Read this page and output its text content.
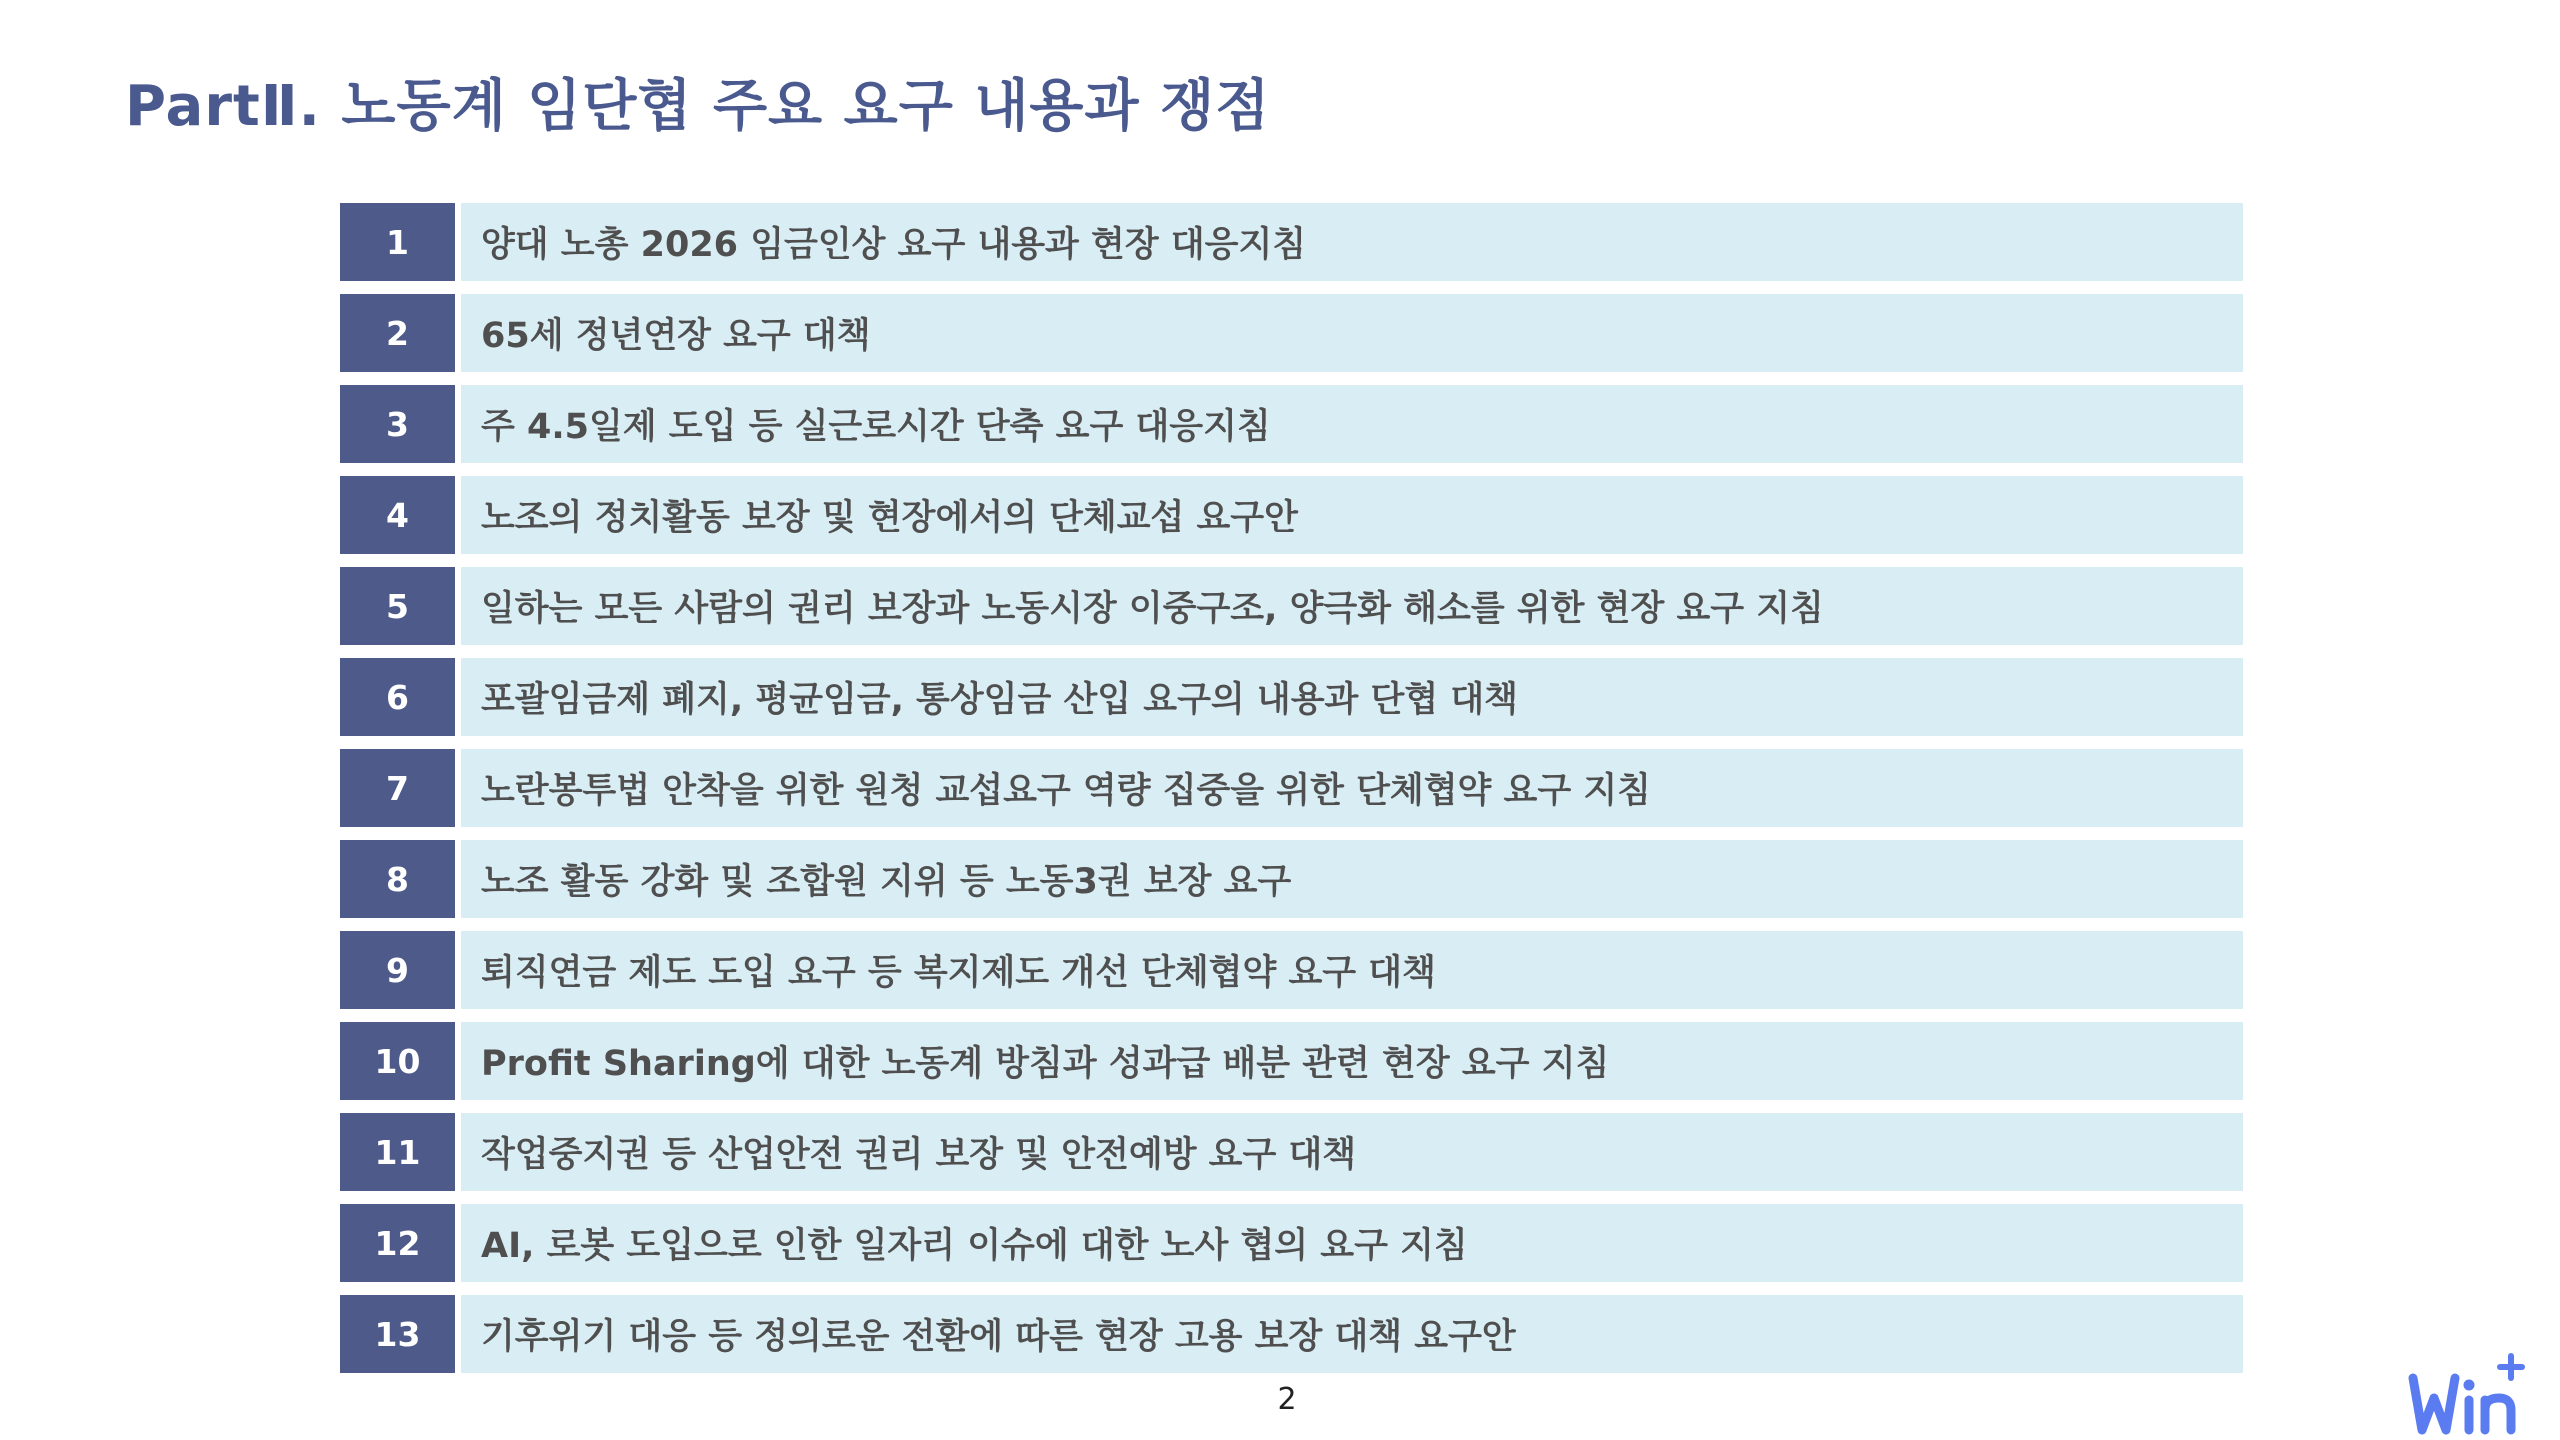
PartⅡ. 노동계 임단협 주요 요구 내용과 쟁점
1	양대 노총 2026 임금인상 요구 내용과 현장 대응지침
2	65세 정년연장 요구 대책
3	주 4.5일제 도입 등 실근로시간 단축 요구 대응지침
4	노조의 정치활동 보장 및 현장에서의 단체교섭 요구안
5	일하는 모든 사람의 권리 보장과 노동시장 이중구조, 양극화 해소를 위한 현장 요구 지침
6	포괄임금제 폐지, 평균임금, 통상임금 산입 요구의 내용과 단협 대책
7	노란봉투법 안착을 위한 원청 교섭요구 역량 집중을 위한 단체협약 요구 지침
8	노조 활동 강화 및 조합원 지위 등 노동3권 보장 요구
9	퇴직연금 제도 도입 요구 등 복지제도 개선 단체협약 요구 대책
10	Profit Sharing에 대한 노동계 방침과 성과급 배분 관련 현장 요구 지침
11	작업중지권 등 산업안전 권리 보장 및 안전예방 요구 대책
12	AI, 로봇 도입으로 인한 일자리 이슈에 대한 노사 협의 요구 지침
13	기후위기 대응 등 정의로운 전환에 따른 현장 고용 보장 대책 요구안
2
